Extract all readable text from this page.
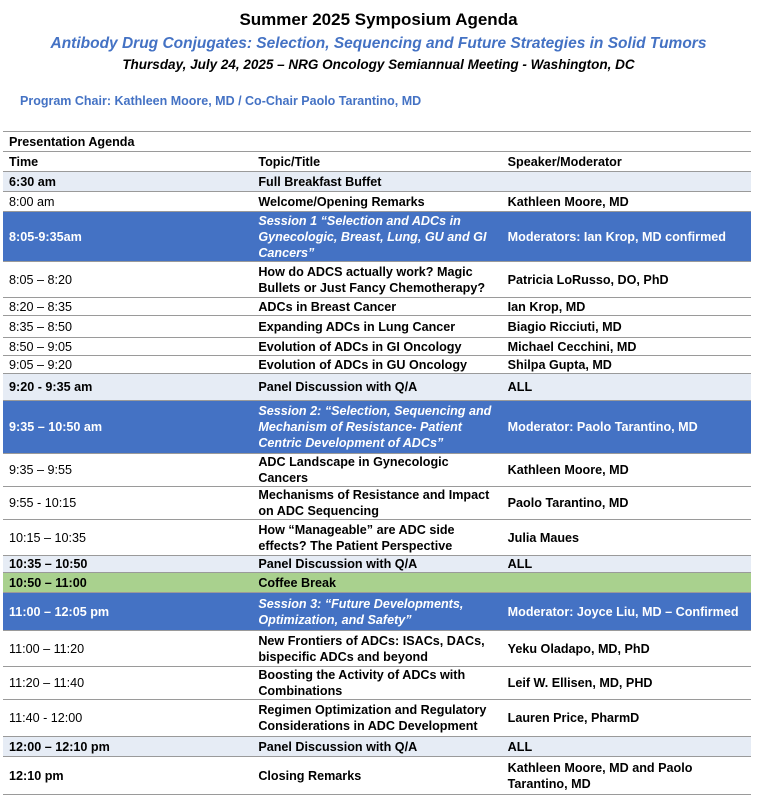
Summer 2025 Symposium Agenda
Antibody Drug Conjugates: Selection, Sequencing and Future Strategies in Solid Tumors
Thursday, July 24, 2025 – NRG Oncology Semiannual Meeting - Washington, DC
Program Chair: Kathleen Moore, MD / Co-Chair Paolo Tarantino, MD
Presentation Agenda		
Time	Topic/Title	Speaker/Moderator
6:30 am	Full Breakfast Buffet	
8:00 am	Welcome/Opening Remarks	Kathleen Moore, MD
8:05-9:35am	Session 1 “Selection and ADCs in Gynecologic, Breast, Lung, GU and GI Cancers”	Moderators: Ian Krop, MD confirmed
8:05 – 8:20	How do ADCS actually work? Magic Bullets or Just Fancy Chemotherapy?	Patricia LoRusso, DO, PhD
8:20 – 8:35	ADCs in Breast Cancer	Ian Krop, MD
8:35 – 8:50	Expanding ADCs in Lung Cancer	Biagio Ricciuti, MD
8:50 – 9:05	Evolution of ADCs in GI Oncology	Michael Cecchini, MD
9:05 – 9:20	Evolution of ADCs in GU Oncology	Shilpa Gupta, MD
9:20 - 9:35 am	Panel Discussion with Q/A	ALL
9:35 – 10:50 am	Session 2: “Selection, Sequencing and Mechanism of Resistance- Patient Centric Development of ADCs”	Moderator: Paolo Tarantino, MD
9:35 – 9:55	ADC Landscape in Gynecologic Cancers	Kathleen Moore, MD
9:55 - 10:15	Mechanisms of Resistance and Impact on ADC Sequencing	Paolo Tarantino, MD
10:15 – 10:35	How “Manageable” are ADC side effects? The Patient Perspective	Julia Maues
10:35 – 10:50	Panel Discussion with Q/A	ALL
10:50 – 11:00	Coffee Break	
11:00 – 12:05 pm	Session 3: “Future Developments, Optimization, and Safety”	Moderator: Joyce Liu, MD – Confirmed
11:00 – 11:20	New Frontiers of ADCs: ISACs, DACs, bispecific ADCs and beyond	Yeku Oladapo, MD, PhD
11:20 – 11:40	Boosting the Activity of ADCs with Combinations	Leif W. Ellisen, MD, PHD
11:40 - 12:00	Regimen Optimization and Regulatory Considerations in ADC Development	Lauren Price, PharmD
12:00 – 12:10 pm	Panel Discussion with Q/A	ALL
12:10 pm	Closing Remarks	Kathleen Moore, MD and Paolo Tarantino, MD
